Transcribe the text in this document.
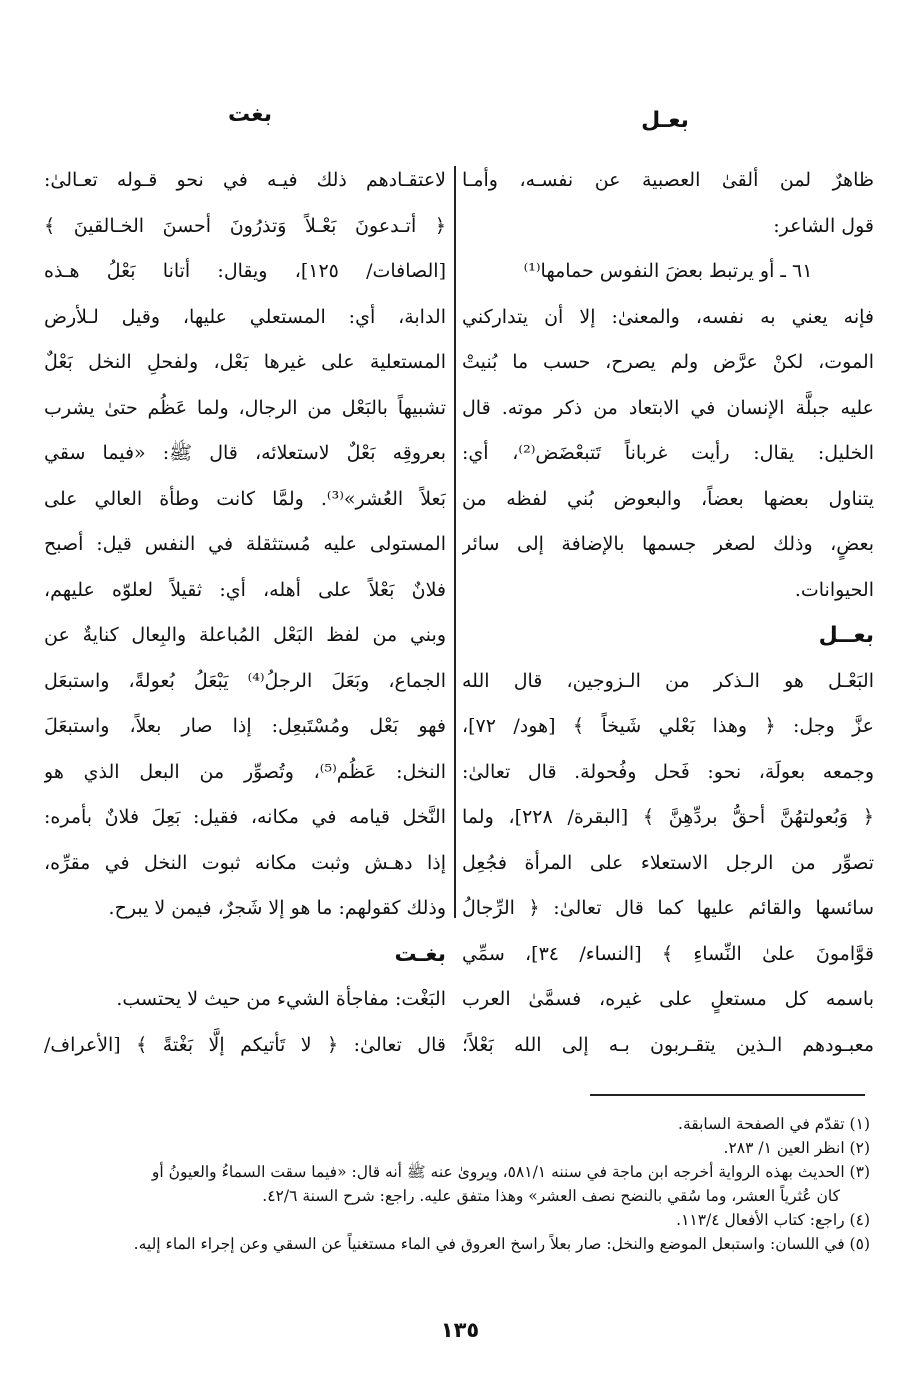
بعـل
بغت
ظاهرٌ لمن ألقىٰ العصبية عن نفسـه، وأمـا
قول الشاعر:
٦١ ـ أو يرتبط بعضَ النفوس حمامها⁽¹⁾
فإنه يعني به نفسه، والمعنىٰ: إلا أن يتداركني
الموت، لكنْ عرَّض ولم يصرح، حسب ما بُنيتْ
عليه جبلَّة الإنسان في الابتعاد من ذكر موته. قال
الخليل: يقال: رأيت غرباناً تَتبعْضَض⁽²⁾، أي:
يتناول بعضها بعضاً، والبعوض بُني لفظه من
بعضٍ، وذلك لصغر جسمها بالإضافة إلى سائر
الحيوانات.
بعــل
البَعْـل هو الـذكر من الـزوجين، قال الله
عزَّ وجل: ﴿ وهذا بَعْلي شَيخاً ﴾ [هود/ ٧٢]،
وجمعه بعولَة، نحو: فَحل وفُحولة. قال تعالىٰ:
﴿ وَبُعولتهُنَّ أحقُّ بردِّهِنَّ ﴾ [البقرة/ ٢٢٨]، ولما
تصوِّر من الرجل الاستعلاء على المرأة فجُعِل
سائسها والقائم عليها كما قال تعالىٰ: ﴿ الرِّجالُ
قوَّامونَ علىٰ النِّساءِ ﴾ [النساء/ ٣٤]، سمِّي
باسمه كل مستعلٍ على غيره، فسمَّىٰ العرب
معبـودهم الـذين يتقـربون بـه إلى الله بَعْلاً؛
لاعتقـادهم ذلك فيـه في نحو قـوله تعـالىٰ:
﴿ أتـدعونَ بَعْـلاً وَتذرُونَ أحسنَ الخـالقينَ ﴾
[الصافات/ ١٢٥]، ويقال: أتانا بَعْلُ هـذه
الدابة، أي: المستعلي عليها، وقيل لـلأرض
المستعلية على غيرها بَعْل، ولفحلِ النخل بَعْلٌ
تشبيهاً بالبَعْل من الرجال، ولما عَظُم حتىٰ يشرب
بعروقِه بَعْلٌ لاستعلائه، قال ﷺ: «فيما سقي
بَعلاً العُشر»⁽³⁾. ولمَّا كانت وطأة العالي على
المستولى عليه مُستثقلة في النفس قيل: أصبح
فلانٌ بَعْلاً على أهله، أي: ثقيلاً لعلوّه عليهم،
وبني من لفظ البَعْل المُباعلة والبِعال كنايةٌ عن
الجماع، وبَعَلَ الرجلُ⁽⁴⁾ يَبْعَلُ بُعولةً، واستبعَل
فهو بَعْل ومُسْتَبعِل: إذا صار بعلاً، واستبعَلَ
النخل: عَظُم⁽⁵⁾، وتُصوِّر من البعل الذي هو
النَّخل قيامه في مكانه، فقيل: بَعِلَ فلانٌ بأمره:
إذا دهـش وثبت مكانه ثبوت النخل في مقرِّه،
وذلك كقولهم: ما هو إلا شَجرٌ، فيمن لا يبرح.
بغـت
البَغْت: مفاجأة الشيء من حيث لا يحتسب.
قال تعالىٰ: ﴿ لا تَأتيكم إلَّا بَغْتةً ﴾ [الأعراف/
(١) تقدّم في الصفحة السابقة.
(٢) انظر العين ١/ ٢٨٣.
(٣) الحديث بهذه الرواية أخرجه ابن ماجة في سننه ٥٨١/١، ويروىٰ عنه ﷺ أنه قال: «فيما سقت السماءُ والعيونُ أو
كان عُثرياً العشر، وما سُقي بالنضح نصف العشر» وهذا متفق عليه. راجع: شرح السنة ٤٢/٦.
(٤) راجع: كتاب الأفعال ١١٣/٤.
(٥) في اللسان: واستبعل الموضع والنخل: صار بعلاً راسخ العروق في الماء مستغنياً عن السقي وعن إجراء الماء إليه.
١٣٥
